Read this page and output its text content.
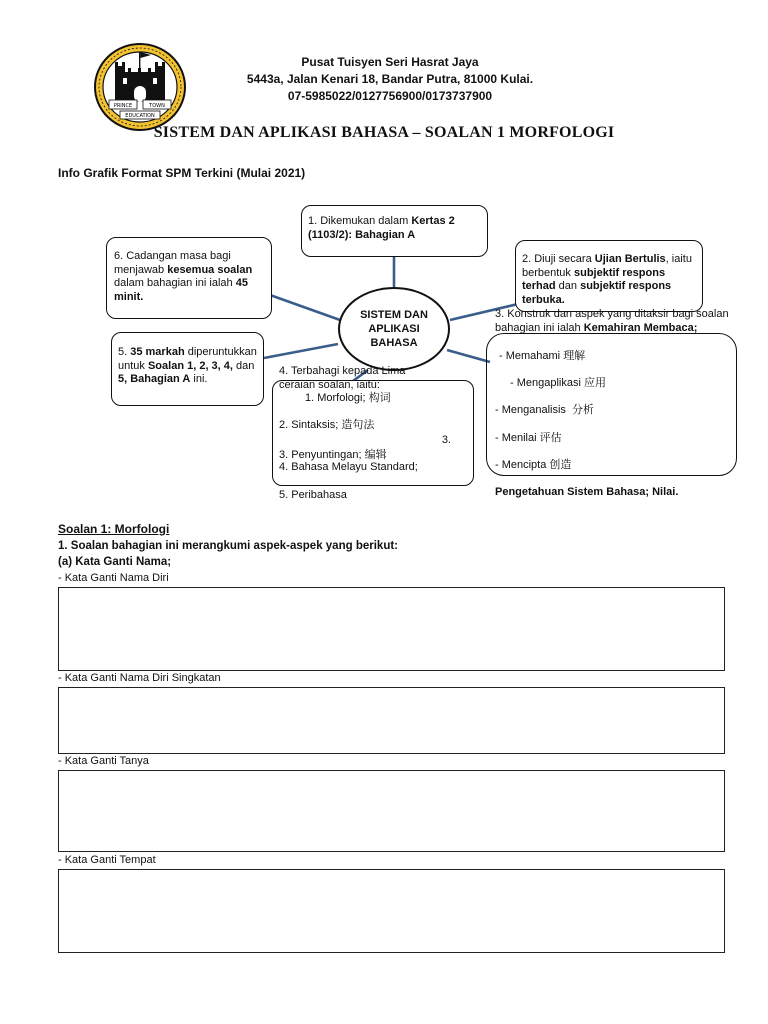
PRINCE	TOWN
EDUCATION
Pusat Tuisyen Seri Hasrat Jaya
5443a, Jalan Kenari 18, Bandar Putra, 81000 Kulai.
07-5985022/0127756900/0173737900
SISTEM DAN APLIKASI BAHASA – SOALAN 1 MORFOLOGI
Info Grafik Format SPM Terkini (Mulai 2021)
1. Dikemukan dalam Kertas 2 (1103/2): Bahagian A
2. Diuji secara Ujian Bertulis, iaitu berbentuk subjektif respons terhad dan subjektif respons terbuka.
6. Cadangan masa bagi menjawab kesemua soalan dalam bahagian ini ialah 45 minit.
5. 35 markah diperuntukkan untuk Soalan 1, 2, 3, 4, dan 5, Bahagian A ini.
SISTEM DAN
APLIKASI
BAHASA
4. Terbahagi kepada Lima ceraian soalan, iaitu:
1. Morfologi; 构词
2. Sintaksis; 造句法
3.
3. Penyuntingan; 编辑
4. Bahasa Melayu Standard;
5. Peribahasa
3. Konstruk dan aspek yang ditaksir bagi soalan bahagian ini ialah Kemahiran Membaca;
- Memahami 理解
- Mengaplikasi 应用
- Menganalisis 分析
- Menilai 评估
- Mencipta 创造
Pengetahuan Sistem Bahasa; Nilai.
Soalan 1: Morfologi
1. Soalan bahagian ini merangkumi aspek-aspek yang berikut:
(a) Kata Ganti Nama;
- Kata Ganti Nama Diri
- Kata Ganti Nama Diri Singkatan
- Kata Ganti Tanya
- Kata Ganti Tempat
